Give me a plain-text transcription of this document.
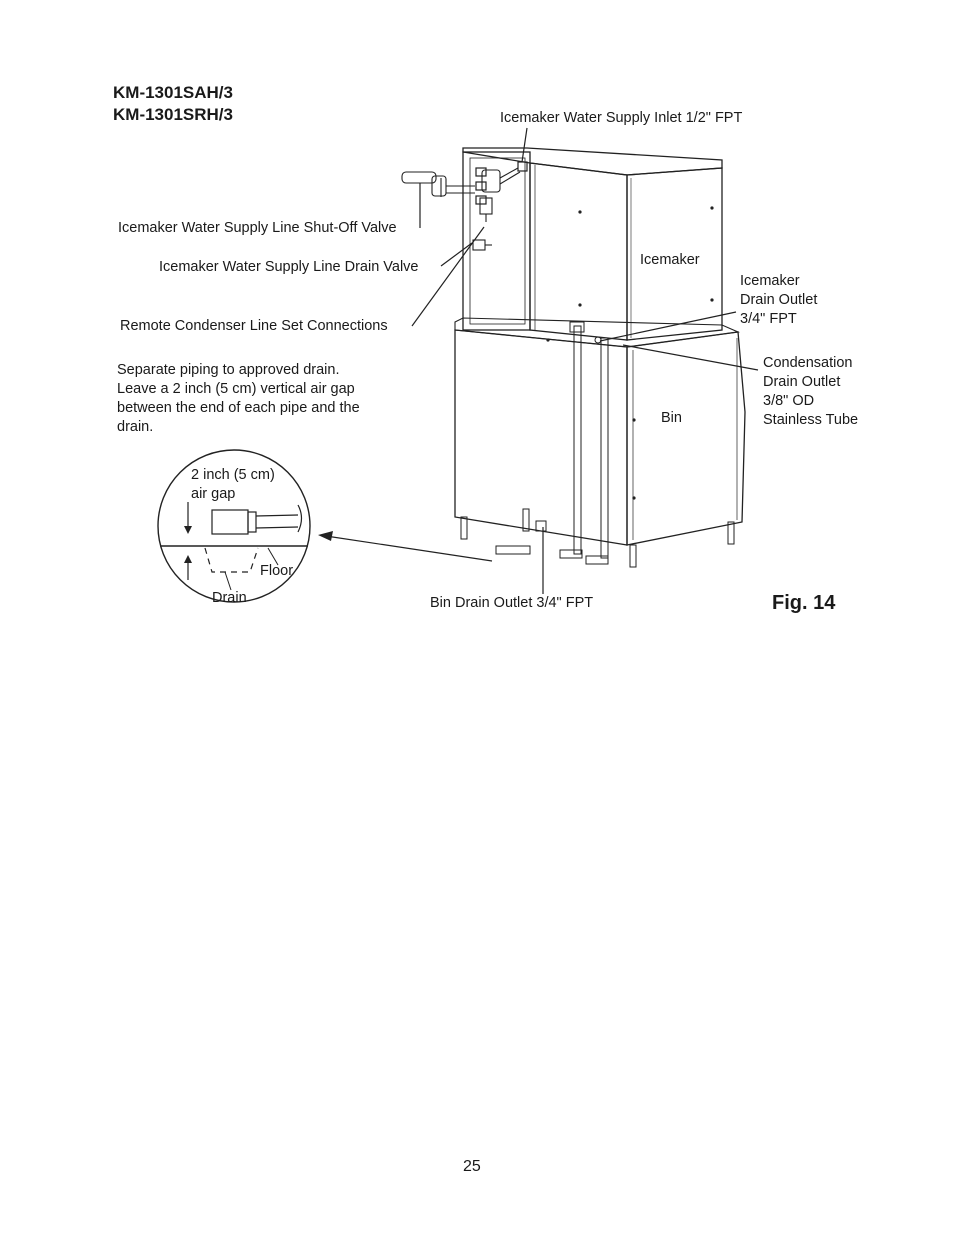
KM-1301SAH/3
KM-1301SRH/3	Icemaker Water Supply Inlet 1/2" FPT
Icemaker Water Supply Line Shut-Off Valve
Icemaker Water Supply Line Drain Valve
Remote Condenser Line Set Connections
Icemaker
Icemaker
Drain Outlet
3/4" FPT
Condensation
Drain Outlet
3/8" OD
Stainless Tube
Bin
Separate piping to approved drain.
Leave a 2 inch (5 cm) vertical air gap
between the end of each pipe and the
drain.
2 inch (5 cm)
air gap
Floor
Drain	Bin Drain Outlet 3/4" FPT	Fig. 14
25
